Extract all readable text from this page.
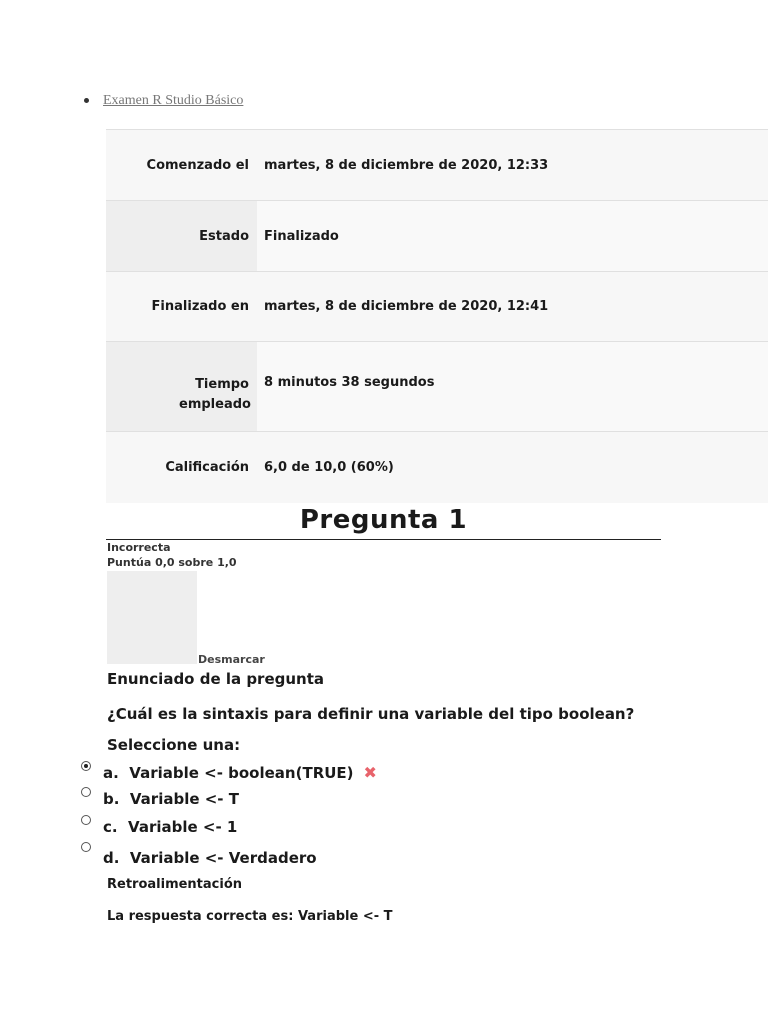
Examen R Studio Básico
Comenzado el	martes, 8 de diciembre de 2020, 12:33
Estado	Finalizado
Finalizado en	martes, 8 de diciembre de 2020, 12:41
Tiempo empleado	8 minutos 38 segundos
Calificación	6,0 de 10,0 (60%)
Pregunta 1
Incorrecta
Puntúa 0,0 sobre 1,0
Desmarcar
Enunciado de la pregunta
¿Cuál es la sintaxis para definir una variable del tipo boolean?
Seleccione una:
a. Variable <- boolean(TRUE) ✖
b. Variable <- T
c. Variable <- 1
d. Variable <- Verdadero
Retroalimentación
La respuesta correcta es: Variable <- T
